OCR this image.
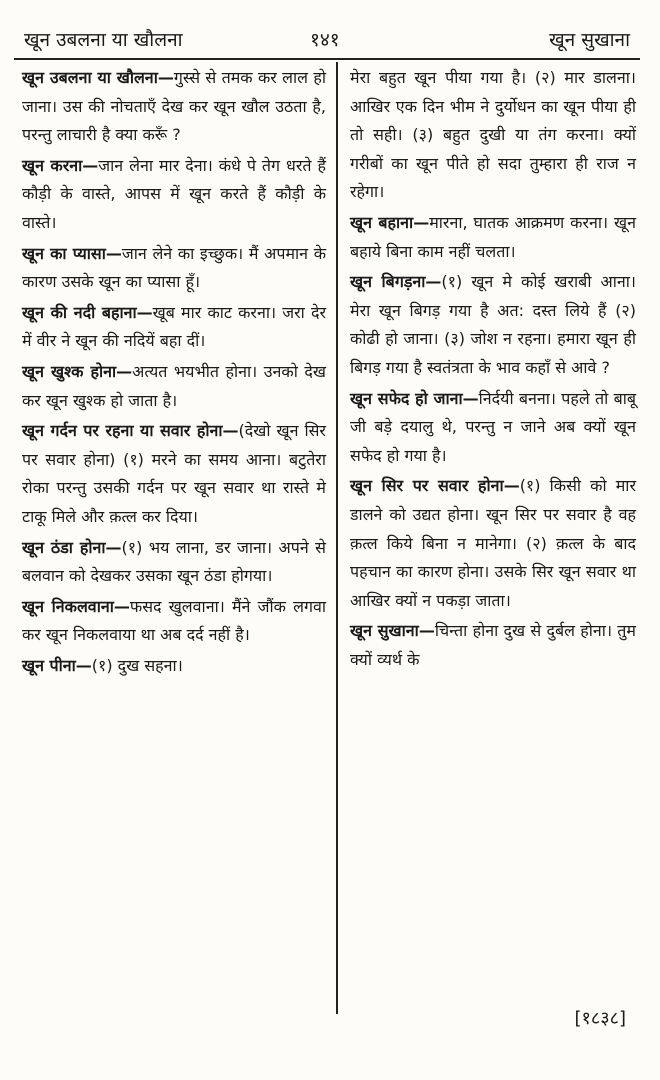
खून उबलना या खौलना	१४१	खून सुखाना
खून उबलना या खौलना—गुस्से से तमक कर लाल हो जाना। उस की नोचताएँ देख कर खून खौल उठता है, परन्तु लाचारी है क्या करूँ ?
खून करना—जान लेना मार देना। कंधे पे तेग धरते हैं कौड़ी के वास्ते, आपस में खून करते हैं कौड़ी के वास्ते।
खून का प्यासा—जान लेने का इच्छुक। मैं अपमान के कारण उसके खून का प्यासा हूँ।
खून की नदी बहाना—खूब मार काट करना। जरा देर में वीर ने खून की नदियें बहा दीं।
खून खुश्क होना—अत्यत भयभीत होना। उनको देख कर खून खुश्क हो जाता है।
खून गर्दन पर रहना या सवार होना—(देखो खून सिर पर सवार होना) (१) मरने का समय आना। बटुतेरा रोका परन्तु उसकी गर्दन पर खून सवार था रास्ते मे टाकू मिले और क़त्ल कर दिया।
खून ठंडा होना—(१) भय लाना, डर जाना। अपने से बलवान को देखकर उसका खून ठंडा होगया।
खून निकलवाना—फसद खुलवाना। मैंने जौंक लगवा कर खून निकलवाया था अब दर्द नहीं है।
खून पीना—(१) दुख सहना।
मेरा बहुत खून पीया गया है। (२) मार डालना। आखिर एक दिन भीम ने दुर्योधन का खून पीया ही तो सही। (३) बहुत दुखी या तंग करना। क्यों गरीबों का खून पीते हो सदा तुम्हारा ही राज न रहेगा।
खून बहाना—मारना, घातक आक्रमण करना। खून बहाये बिना काम नहीं चलता।
खून बिगड़ना—(१) खून मे कोई खराबी आना। मेरा खून बिगड़ गया है अत: दस्त लिये हैं (२) कोढी हो जाना। (३) जोश न रहना। हमारा खून ही बिगड़ गया है स्वतंत्रता के भाव कहाँ से आवे ?
खून सफेद हो जाना—निर्दयी बनना। पहले तो बाबू जी बड़े दयालु थे, परन्तु न जाने अब क्यों खून सफेद हो गया है।
खून सिर पर सवार होना—(१) किसी को मार डालने को उद्यत होना। खून सिर पर सवार है वह क़त्ल किये बिना न मानेगा। (२) क़त्ल के बाद पहचान का कारण होना। उसके सिर खून सवार था आखिर क्यों न पकड़ा जाता।
खून सुखाना—चिन्ता होना दुख से दुर्बल होना। तुम क्यों व्यर्थ के
[१८३८]
